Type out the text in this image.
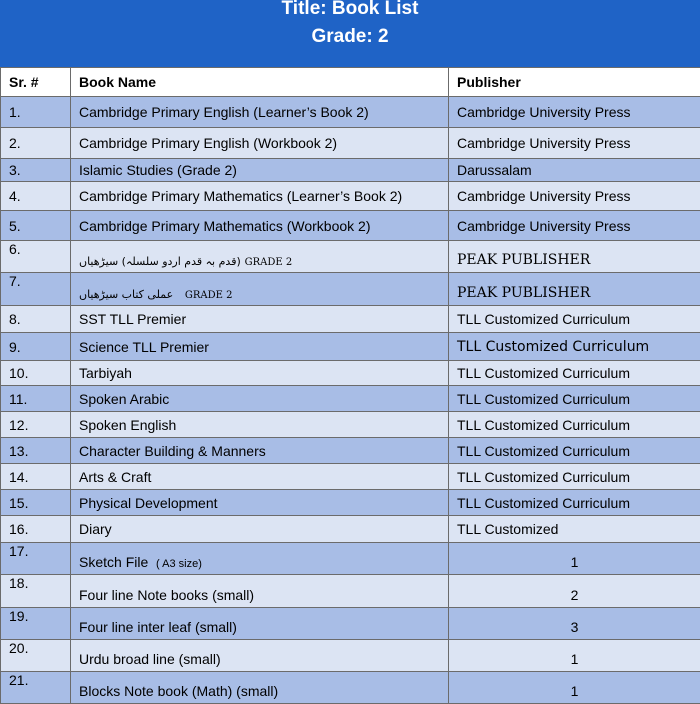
Title: Book List
Grade: 2
Sr. #	Book Name	Publisher
1.	Cambridge Primary English (Learner’s Book 2)	Cambridge University Press
2.	Cambridge Primary English (Workbook 2)	Cambridge University Press
3.	Islamic Studies (Grade 2)	Darussalam
4.	Cambridge Primary Mathematics (Learner’s Book 2)	Cambridge University Press
5.	Cambridge Primary Mathematics (Workbook 2)	Cambridge University Press
6.	(قدم بہ قدم اردو سلسلہ) سیڑھیاں GRADE 2	PEAK PUBLISHER
7.	عملی کتاب سیڑھیاں GRADE 2	PEAK PUBLISHER
8.	SST TLL Premier	TLL Customized Curriculum
9.	Science TLL Premier	TLL Customized Curriculum
10.	Tarbiyah	TLL Customized Curriculum
11.	Spoken Arabic	TLL Customized Curriculum
12.	Spoken English	TLL Customized Curriculum
13.	Character Building & Manners	TLL Customized Curriculum
14.	Arts & Craft	TLL Customized Curriculum
15.	Physical Development	TLL Customized Curriculum
16.	Diary	TLL Customized
17.	Sketch File ( A3 size)	1
18.	Four line Note books (small)	2
19.	Four line inter leaf (small)	3
20.	Urdu broad line (small)	1
21.	Blocks Note book (Math) (small)	1
